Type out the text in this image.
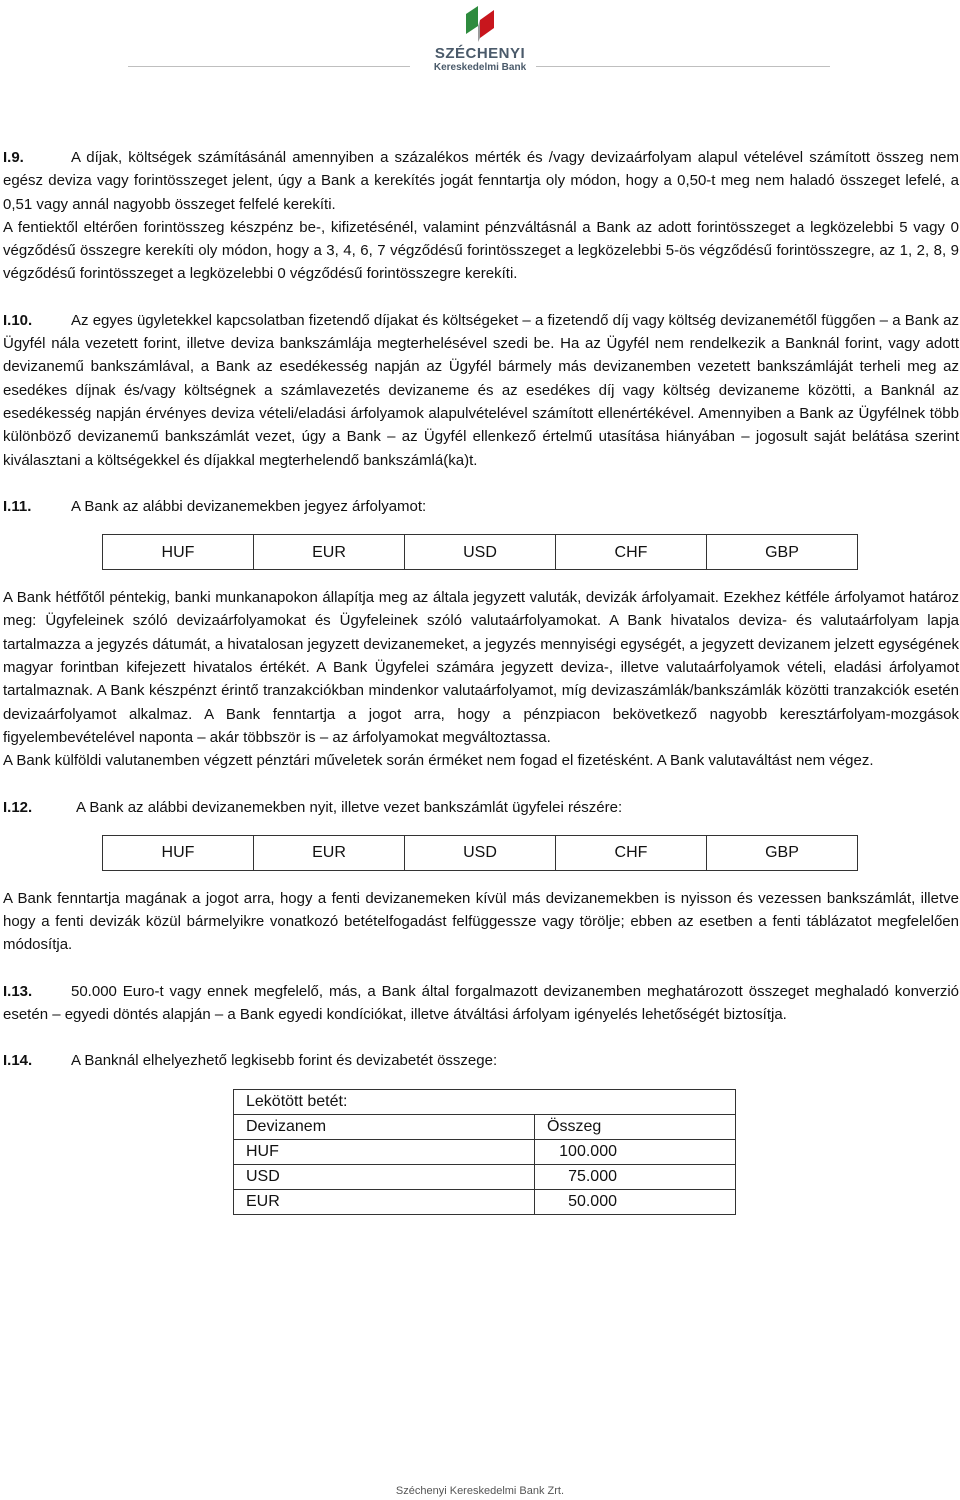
SZÉCHENYI
Kereskedelmi Bank

I.9.	A díjak, költségek számításánál amennyiben a százalékos mérték és /vagy devizaárfolyam alapul vételével számított összeg nem egész deviza vagy forintösszeget jelent, úgy a Bank a kerekítés jogát fenntartja oly módon, hogy a 0,50-t meg nem haladó összeget lefelé, a 0,51 vagy annál nagyobb összeget felfelé kerekíti.

A fentiektől eltérően forintösszeg készpénz be-, kifizetésénél, valamint pénzváltásnál a Bank az adott forintösszeget a legközelebbi 5 vagy 0 végződésű összegre kerekíti oly módon, hogy a 3, 4, 6, 7 végződésű forintösszeget a legközelebbi 5-ös végződésű forintösszegre, az 1, 2, 8, 9 végződésű forintösszeget a legközelebbi 0 végződésű forintösszegre kerekíti.

I.10.	Az egyes ügyletekkel kapcsolatban fizetendő díjakat és költségeket – a fizetendő díj vagy költség devizanemétől függően – a Bank az Ügyfél nála vezetett forint, illetve deviza bankszámlája megterhelésével szedi be. Ha az Ügyfél nem rendelkezik a Banknál forint, vagy adott devizanemű bankszámlával, a Bank az esedékesség napján az Ügyfél bármely más devizanemben vezetett bankszámláját terheli meg az esedékes díjnak és/vagy költségnek a számlavezetés devizaneme és az esedékes díj vagy költség devizaneme közötti, a Banknál az esedékesség napján érvényes deviza vételi/eladási árfolyamok alapulvételével számított ellenértékével. Amennyiben a Bank az Ügyfélnek több különböző devizanemű bankszámlát vezet, úgy a Bank – az Ügyfél ellenkező értelmű utasítása hiányában – jogosult saját belátása szerint kiválasztani a költségekkel és díjakkal megterhelendő bankszámlá(ka)t.

I.11.	A Bank az alábbi devizanemekben jegyez árfolyamot:

HUF	EUR	USD	CHF	GBP

A Bank hétfőtől péntekig, banki munkanapokon állapítja meg az általa jegyzett valuták, devizák árfolyamait. Ezekhez kétféle árfolyamot határoz meg: Ügyfeleinek szóló devizaárfolyamokat és Ügyfeleinek szóló valutaárfolyamokat. A Bank hivatalos deviza- és valutaárfolyam lapja tartalmazza a jegyzés dátumát, a hivatalosan jegyzett devizanemeket, a jegyzés mennyiségi egységét, a jegyzett devizanem jelzett egységének magyar forintban kifejezett hivatalos értékét. A Bank Ügyfelei számára jegyzett deviza-, illetve valutaárfolyamok vételi, eladási árfolyamot tartalmaznak. A Bank készpénzt érintő tranzakciókban mindenkor valutaárfolyamot, míg devizaszámlák/bankszámlák közötti tranzakciók esetén devizaárfolyamot alkalmaz. A Bank fenntartja a jogot arra, hogy a pénzpiacon bekövetkező nagyobb keresztárfolyam-mozgások figyelembevételével naponta – akár többször is – az árfolyamokat megváltoztassa.

A Bank külföldi valutanemben végzett pénztári műveletek során érméket nem fogad el fizetésként. A Bank valutaváltást nem végez.

I.12.	A Bank az alábbi devizanemekben nyit, illetve vezet bankszámlát ügyfelei részére:

HUF	EUR	USD	CHF	GBP

A Bank fenntartja magának a jogot arra, hogy a fenti devizanemeken kívül más devizanemekben is nyisson és vezessen bankszámlát, illetve hogy a fenti devizák közül bármelyikre vonatkozó betételfogadást felfüggessze vagy törölje; ebben az esetben a fenti táblázatot megfelelően módosítja.

I.13.	50.000 Euro-t vagy ennek megfelelő, más, a Bank által forgalmazott devizanemben meghatározott összeget meghaladó konverzió esetén – egyedi döntés alapján – a Bank egyedi kondíciókat, illetve átváltási árfolyam igényelés lehetőségét biztosítja.

I.14.	A Banknál elhelyezhető legkisebb forint és devizabetét összege:

Lekötött betét:	
Devizanem	Összeg
HUF	100.000
USD	75.000
EUR	50.000
Széchenyi Kereskedelmi Bank Zrt.
